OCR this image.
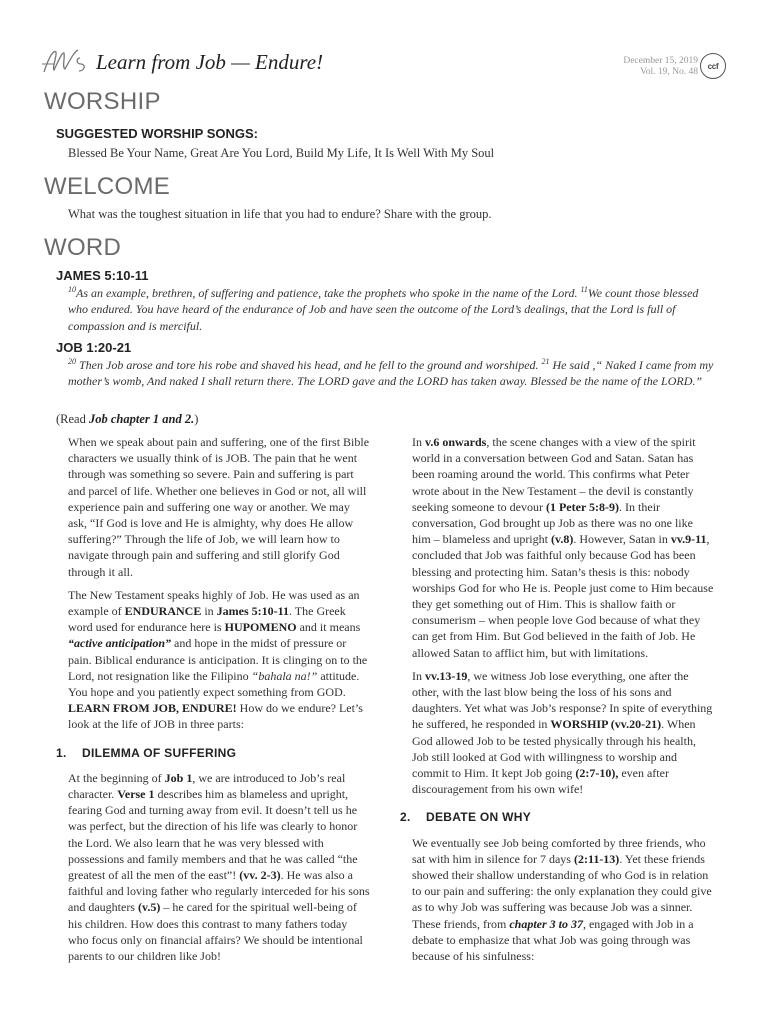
Learn from Job — Endure!	December 15, 2019
Vol. 19, No. 48
ccf
WORSHIP
SUGGESTED WORSHIP SONGS:
Blessed Be Your Name, Great Are You Lord, Build My Life, It Is Well With My Soul
WELCOME
What was the toughest situation in life that you had to endure? Share with the group.
WORD
JAMES 5:10-11
$^{10}$As an example, brethren, of suffering and patience, take the prophets who spoke in the name of the Lord. $^{11}$We count those blessed who endured. You have heard of the endurance of Job and have seen the outcome of the Lord’s dealings, that the Lord is full of compassion and is merciful.
JOB 1:20-21
$^{20}$ Then Job arose and tore his robe and shaved his head, and he fell to the ground and worshiped. $^{21}$ He said ,“ Naked I came from my mother’s womb, And naked I shall return there. The LORD gave and the LORD has taken away. Blessed be the name of the LORD.”
(Read Job chapter 1 and 2.)

When we speak about pain and suffering, one of the first Bible characters we usually think of is JOB. The pain that he went through was something so severe. Pain and suffering is part and parcel of life. Whether one believes in God or not, all will experience pain and suffering one way or another. We may ask, “If God is love and He is almighty, why does He allow suffering?” Through the life of Job, we will learn how to navigate through pain and suffering and still glorify God through it all.

The New Testament speaks highly of Job. He was used as an example of ENDURANCE in James 5:10-11. The Greek word used for endurance here is HUPOMENO and it means “active anticipation” and hope in the midst of pressure or pain. Biblical endurance is anticipation. It is clinging on to the Lord, not resignation like the Filipino “bahala na!” attitude. You hope and you patiently expect something from GOD. LEARN FROM JOB, ENDURE! How do we endure? Let’s look at the life of JOB in three parts:

1. DILEMMA OF SUFFERING

At the beginning of Job 1, we are introduced to Job’s real character. Verse 1 describes him as blameless and upright, fearing God and turning away from evil. It doesn’t tell us he was perfect, but the direction of his life was clearly to honor the Lord. We also learn that he was very blessed with possessions and family members and that he was called “the greatest of all the men of the east”! (vv. 2-3). He was also a faithful and loving father who regularly interceded for his sons and daughters (v.5) – he cared for the spiritual well-being of his children. How does this contrast to many fathers today who focus only on financial affairs? We should be intentional parents to our children like Job!

In v.6 onwards, the scene changes with a view of the spirit world in a conversation between God and Satan. Satan has been roaming around the world. This confirms what Peter wrote about in the New Testament – the devil is constantly seeking someone to devour (1 Peter 5:8-9). In their conversation, God brought up Job as there was no one like him – blameless and upright (v.8). However, Satan in vv.9-11, concluded that Job was faithful only because God has been blessing and protecting him. Satan’s thesis is this: nobody worships God for who He is. People just come to Him because they get something out of Him. This is shallow faith or consumerism – when people love God because of what they can get from Him. But God believed in the faith of Job. He allowed Satan to afflict him, but with limitations.

In vv.13-19, we witness Job lose everything, one after the other, with the last blow being the loss of his sons and daughters. Yet what was Job’s response? In spite of everything he suffered, he responded in WORSHIP (vv.20-21). When God allowed Job to be tested physically through his health, Job still looked at God with willingness to worship and commit to Him. It kept Job going (2:7-10), even after discouragement from his own wife!

2. DEBATE ON WHY

We eventually see Job being comforted by three friends, who sat with him in silence for 7 days (2:11-13). Yet these friends showed their shallow understanding of who God is in relation to our pain and suffering: the only explanation they could give as to why Job was suffering was because Job was a sinner. These friends, from chapter 3 to 37, engaged with Job in a debate to emphasize that what Job was going through was because of his sinfulness:
